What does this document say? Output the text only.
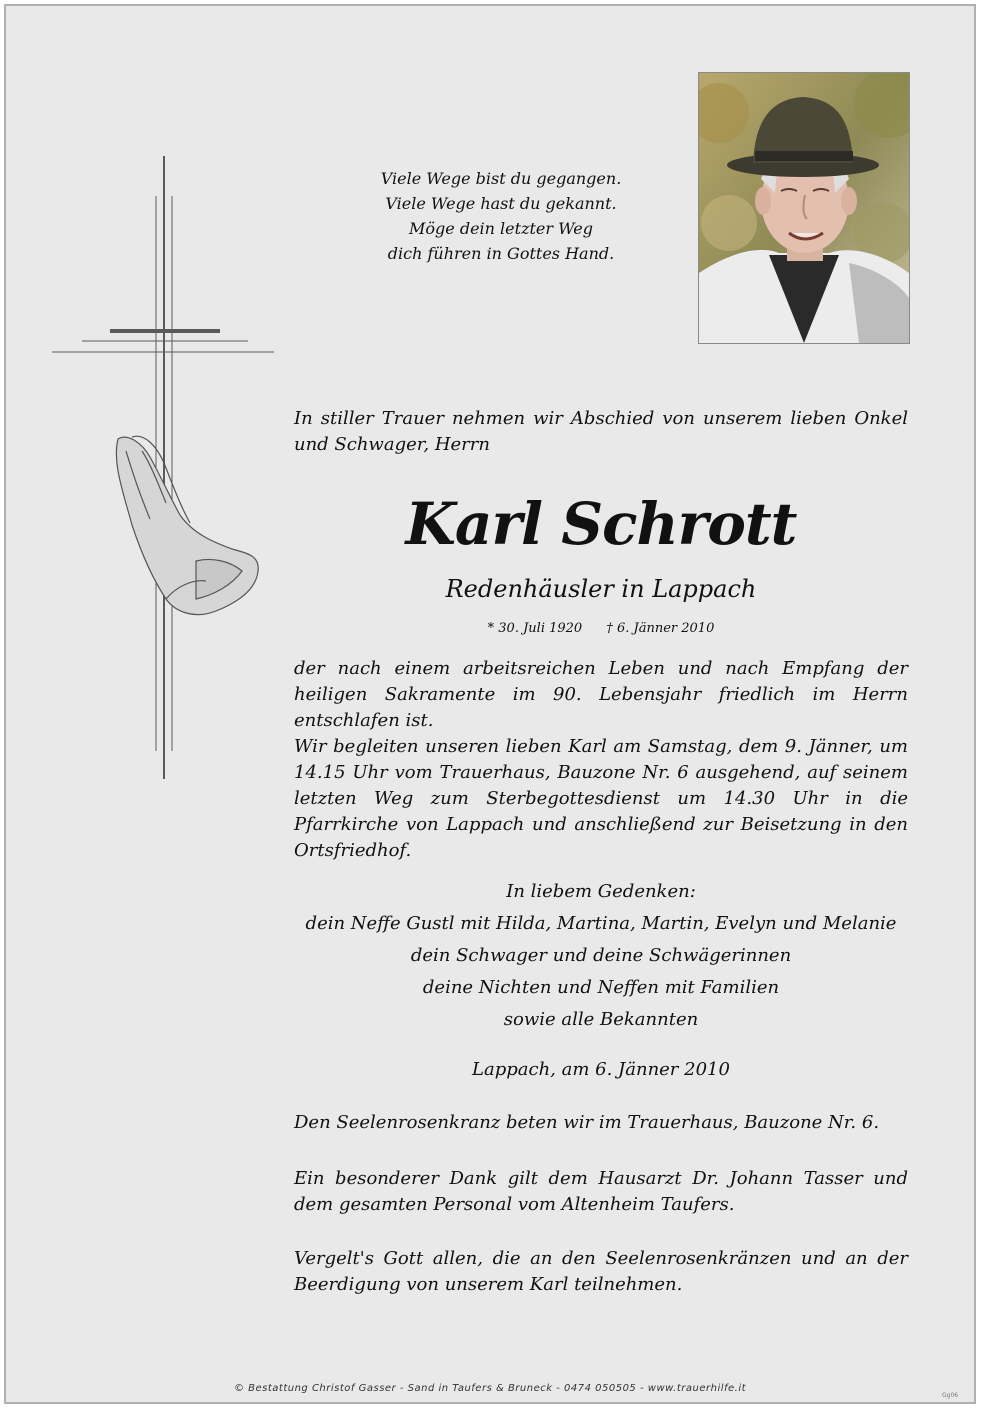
Viele Wege bist du gegangen.

Viele Wege hast du gekannt.

Möge dein letzter Weg

dich führen in Gottes Hand.

In stiller Trauer nehmen wir Abschied von unserem lieben Onkel und Schwager, Herrn
Karl Schrott
Redenhäusler in Lappach
* 30. Juli 1920 † 6. Jänner 2010
der nach einem arbeitsreichen Leben und nach Empfang der heiligen Sakramente im 90. Lebensjahr friedlich im Herrn entschlafen ist.
Wir begleiten unseren lieben Karl am Samstag, dem 9. Jänner, um 14.15 Uhr vom Trauerhaus, Bauzone Nr. 6 ausgehend, auf seinem letzten Weg zum Sterbegottesdienst um 14.30 Uhr in die Pfarrkirche von Lappach und anschließend zur Beisetzung in den Ortsfriedhof.

In liebem Gedenken:

dein Neffe Gustl mit Hilda, Martina, Martin, Evelyn und Melanie

dein Schwager und deine Schwägerinnen

deine Nichten und Neffen mit Familien

sowie alle Bekannten

Lappach, am 6. Jänner 2010
Den Seelenrosenkranz beten wir im Trauerhaus, Bauzone Nr. 6.
Ein besonderer Dank gilt dem Hausarzt Dr. Johann Tasser und dem gesamten Personal vom Altenheim Taufers.
Vergelt's Gott allen, die an den Seelenrosenkränzen und an der Beerdigung von unserem Karl teilnehmen.
© Bestattung Christof Gasser - Sand in Taufers & Bruneck - 0474 050505 - www.trauerhilfe.it
Gg06
